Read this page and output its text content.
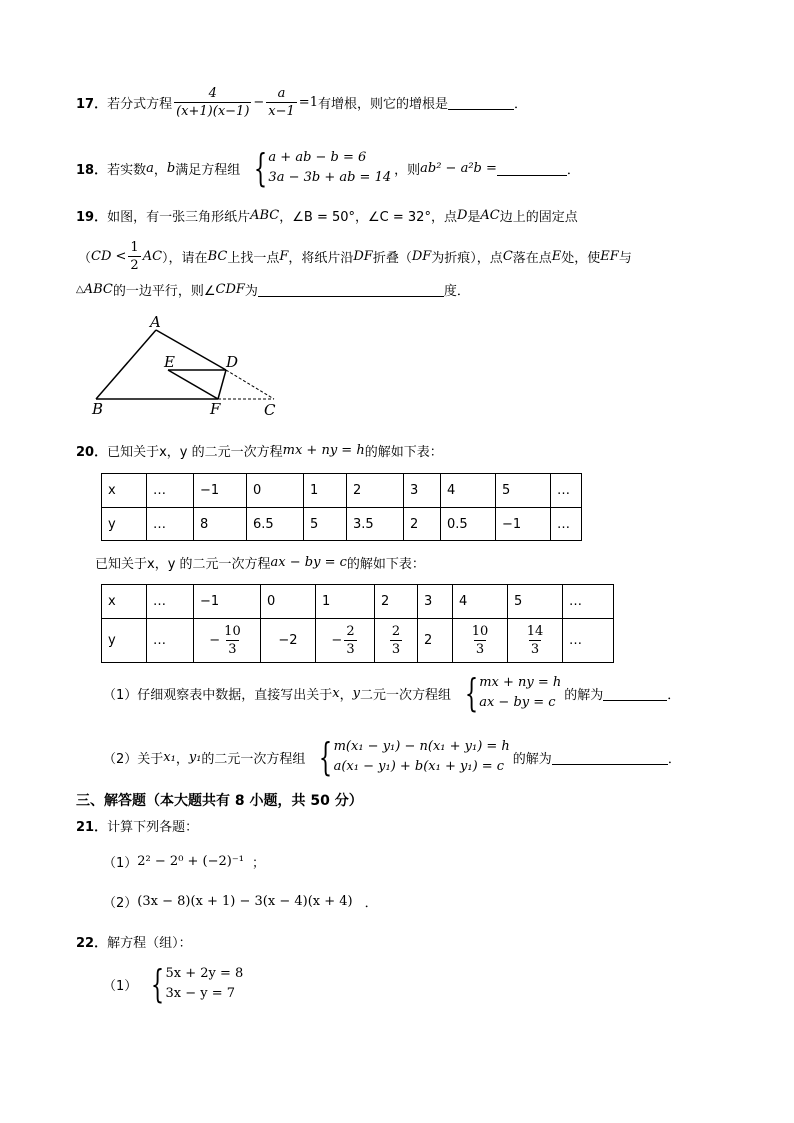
17． 若分式方程 $\frac{4}{(x+1)(x-1)} - \frac{a}{x-1} =1$ 有增根，则它的增根是	．
18． 若实数 a ， b 满足方程组 { a + ab − b = 6
3a − 3b + ab = 14 ，则 ab² − a²b =	．
19． 如图，有一张三角形纸片 ABC ，∠B = 50°，∠C = 32°，点 D 是 AC 边上的固定点
（ CD < $\frac{1}{2}$ AC ），请在 BC 上找一点 F ，将纸片沿 DF 折叠（ DF 为折痕），点 C 落在点 E 处，使 EF 与
△ ABC 的一边平行，则∠ CDF 为	度．
A
B	C
D
E
F
20． 已知关于x，y 的二元一次方程 mx + ny = h 的解如下表：
x	…	−1	0	1	2	3	4	5	…
y	…	8	6.5	5	3.5	2	0.5	−1	…
已知关于x，y 的二元一次方程 ax − by = c 的解如下表：
x	…	−1	0	1	2	3	4	5	…
y	…	− $\frac{10}{3}$	−2	− $\frac{2}{3}$	$\frac{2}{3}$	2	$\frac{10}{3}$	$\frac{14}{3}$	…
（1）仔细观察表中数据，直接写出关于 x ， y 二元一次方程组 { mx + ny = h
ax − by = c 的解为	．
（2）关于 x₁ ， y₁ 的二元一次方程组 { m(x₁ − y₁) − n(x₁ + y₁) = h
a(x₁ − y₁) + b(x₁ + y₁) = c 的解为	．
三、解答题（本大题共有 8 小题，共 50 分）
21． 计算下列各题：
（1） 2² − 2⁰ + (−2)⁻¹ ；
（2） (3x − 8)(x + 1) − 3(x − 4)(x + 4) ．
22． 解方程（组）：
（1） { 5x + 2y = 8
3x − y = 7
